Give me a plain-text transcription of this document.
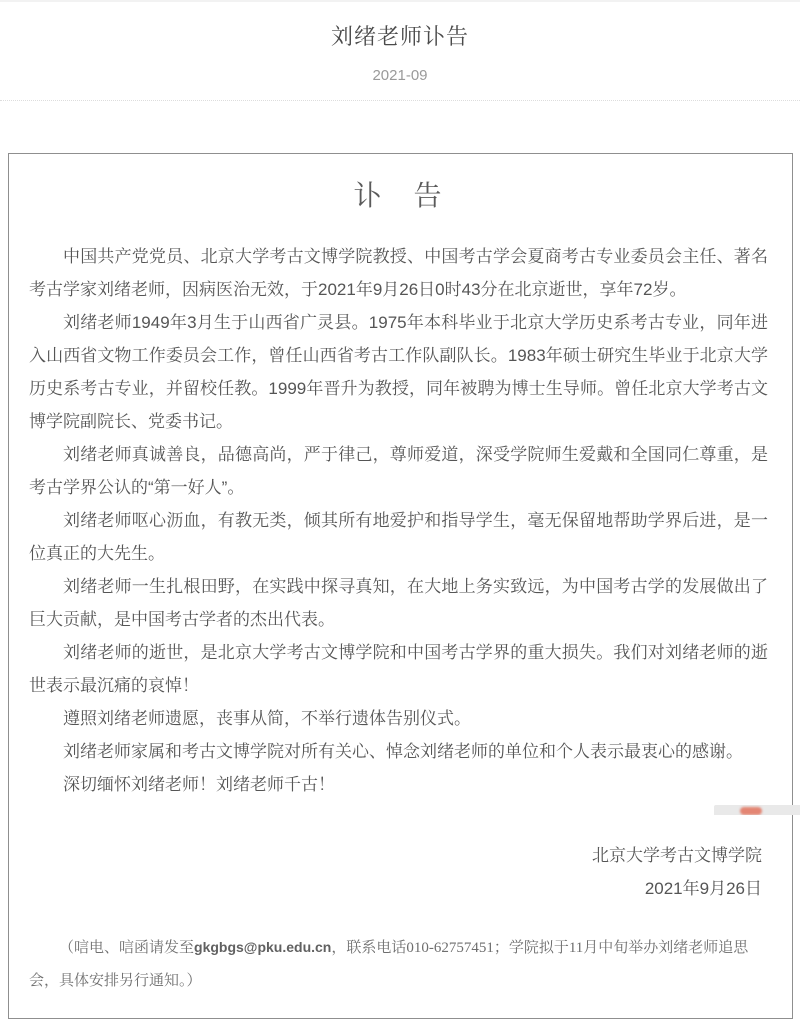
刘绪老师讣告
2021-09
讣　告

中国共产党党员、北京大学考古文博学院教授、中国考古学会夏商考古专业委员会主任、著名考古学家刘绪老师，因病医治无效，于2021年9月26日0时43分在北京逝世，享年72岁。

刘绪老师1949年3月生于山西省广灵县。1975年本科毕业于北京大学历史系考古专业，同年进入山西省文物工作委员会工作，曾任山西省考古工作队副队长。1983年硕士研究生毕业于北京大学历史系考古专业，并留校任教。1999年晋升为教授，同年被聘为博士生导师。曾任北京大学考古文博学院副院长、党委书记。

刘绪老师真诚善良，品德高尚，严于律己，尊师爱道，深受学院师生爱戴和全国同仁尊重，是考古学界公认的“第一好人”。

刘绪老师呕心沥血，有教无类，倾其所有地爱护和指导学生，毫无保留地帮助学界后进，是一位真正的大先生。

刘绪老师一生扎根田野，在实践中探寻真知，在大地上务实致远，为中国考古学的发展做出了巨大贡献，是中国考古学者的杰出代表。

刘绪老师的逝世，是北京大学考古文博学院和中国考古学界的重大损失。我们对刘绪老师的逝世表示最沉痛的哀悼！

遵照刘绪老师遗愿，丧事从简，不举行遗体告别仪式。

刘绪老师家属和考古文博学院对所有关心、悼念刘绪老师的单位和个人表示最衷心的感谢。

深切缅怀刘绪老师！刘绪老师千古！

北京大学考古文博学院
2021年9月26日
（唁电、唁函请发至gkgbgs@pku.edu.cn，联系电话010-62757451；学院拟于11月中旬举办刘绪老师追思会，具体安排另行通知。）
